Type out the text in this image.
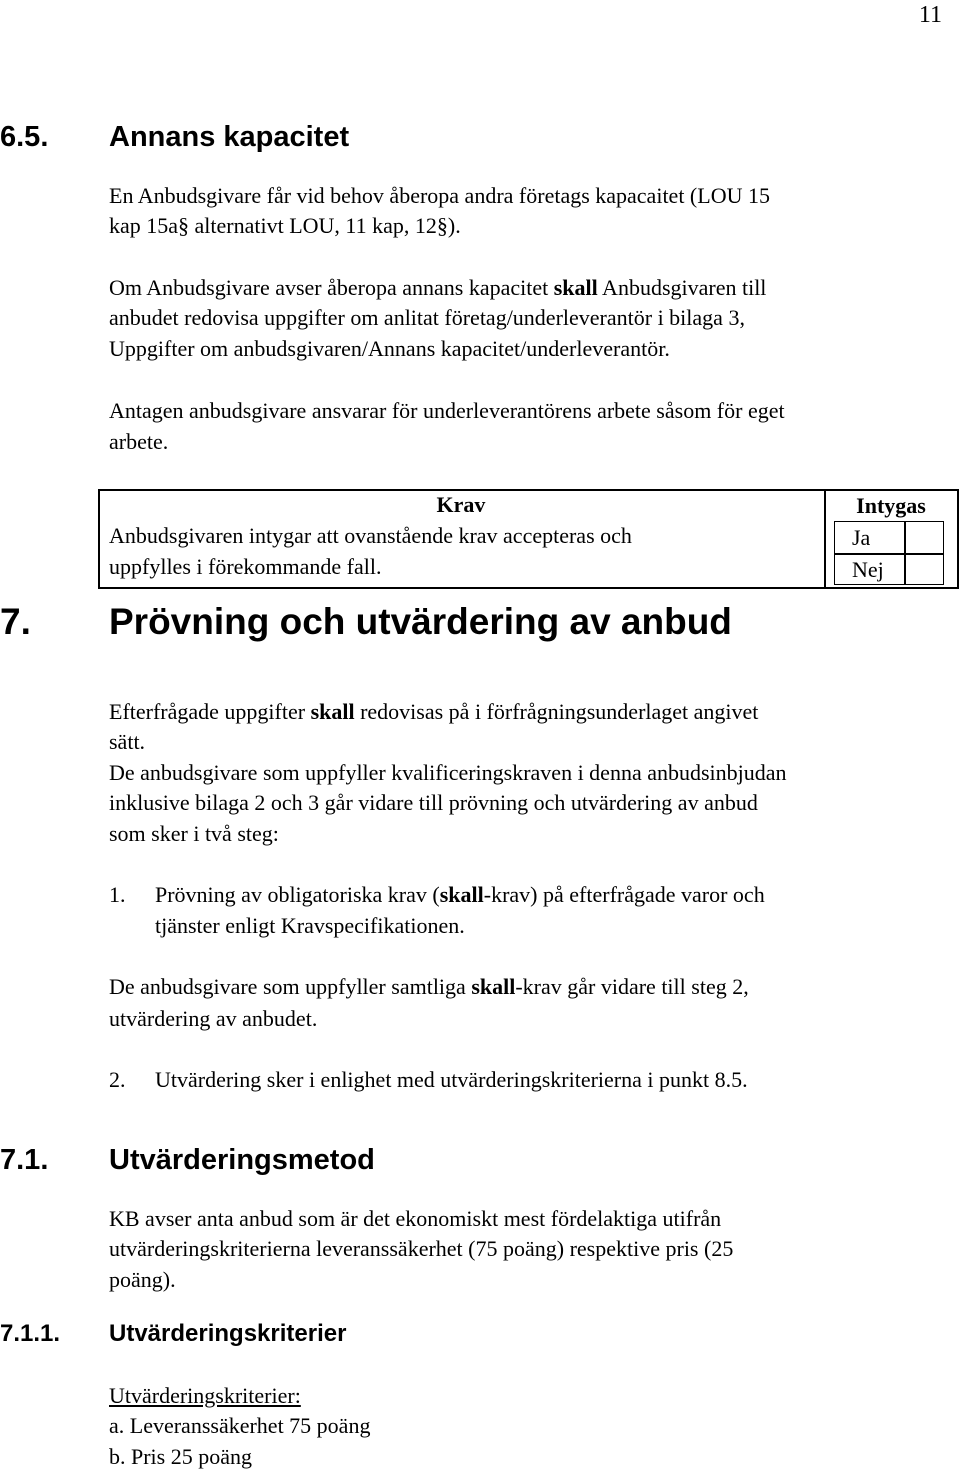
11
6.5. Annans kapacitet
En Anbudsgivare får vid behov åberopa andra företags kapacaitet (LOU 15
kap 15a§ alternativt LOU, 11 kap, 12§).
Om Anbudsgivare avser åberopa annans kapacitet skall Anbudsgivaren till
anbudet redovisa uppgifter om anlitat företag/underleverantör i bilaga 3,
Uppgifter om anbudsgivaren/Annans kapacitet/underleverantör.
Antagen anbudsgivare ansvarar för underleverantörens arbete såsom för eget
arbete.
Krav	Intygas
Anbudsgivaren intygar att ovanstående krav accepteras och
uppfylles i förekommande fall.
Ja
Nej
7. Prövning och utvärdering av anbud
Efterfrågade uppgifter skall redovisas på i förfrågningsunderlaget angivet
sätt.
De anbudsgivare som uppfyller kvalificeringskraven i denna anbudsinbjudan
inklusive bilaga 2 och 3 går vidare till prövning och utvärdering av anbud
som sker i två steg:
1. Prövning av obligatoriska krav (skall-krav) på efterfrågade varor och
tjänster enligt Kravspecifikationen.
De anbudsgivare som uppfyller samtliga skall-krav går vidare till steg 2,
utvärdering av anbudet.
2. Utvärdering sker i enlighet med utvärderingskriterierna i punkt 8.5.
7.1. Utvärderingsmetod
KB avser anta anbud som är det ekonomiskt mest fördelaktiga utifrån
utvärderingskriterierna leveranssäkerhet (75 poäng) respektive pris (25
poäng).
7.1.1. Utvärderingskriterier
Utvärderingskriterier:
a. Leveranssäkerhet 75 poäng
b. Pris 25 poäng
